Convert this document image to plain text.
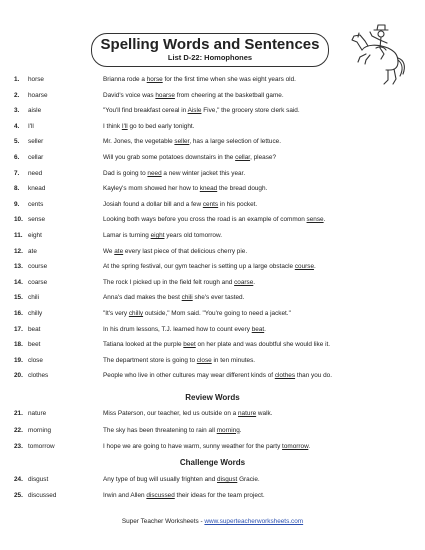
Spelling Words and Sentences
List D-22: Homophones
1.	horse	Brianna rode a horse for the first time when she was eight years old.
2.	hoarse	David's voice was hoarse from cheering at the basketball game.
3.	aisle	"You'll find breakfast cereal in Aisle Five," the grocery store clerk said.
4.	I'll	I think I'll go to bed early tonight.
5.	seller	Mr. Jones, the vegetable seller, has a large selection of lettuce.
6.	cellar	Will you grab some potatoes downstairs in the cellar, please?
7.	need	Dad is going to need a new winter jacket this year.
8.	knead	Kayley's mom showed her how to knead the bread dough.
9.	cents	Josiah found a dollar bill and a few cents in his pocket.
10. sense	Looking both ways before you cross the road is an example of common sense.
11. eight	Lamar is turning eight years old tomorrow.
12. ate	We ate every last piece of that delicious cherry pie.
13. course	At the spring festival, our gym teacher is setting up a large obstacle course.
14. coarse	The rock I picked up in the field felt rough and coarse.
15. chili	Anna's dad makes the best chili she's ever tasted.
16. chilly	"It's very chilly outside," Mom said. "You're going to need a jacket."
17. beat	In his drum lessons, T.J. learned how to count every beat.
18. beet	Tatiana looked at the purple beet on her plate and was doubtful she would like it.
19. close	The department store is going to close in ten minutes.
20. clothes	People who live in other cultures may wear different kinds of clothes than you do.
21. nature	Miss Paterson, our teacher, led us outside on a nature walk.
22. morning	The sky has been threatening to rain all morning.
23. tomorrow	I hope we are going to have warm, sunny weather for the party tomorrow.
24. disgust	Any type of bug will usually frighten and disgust Gracie.
25. discussed	Irwin and Allen discussed their ideas for the team project.
Review Words
Challenge Words
Super Teacher Worksheets - www.superteacherworksheets.com
